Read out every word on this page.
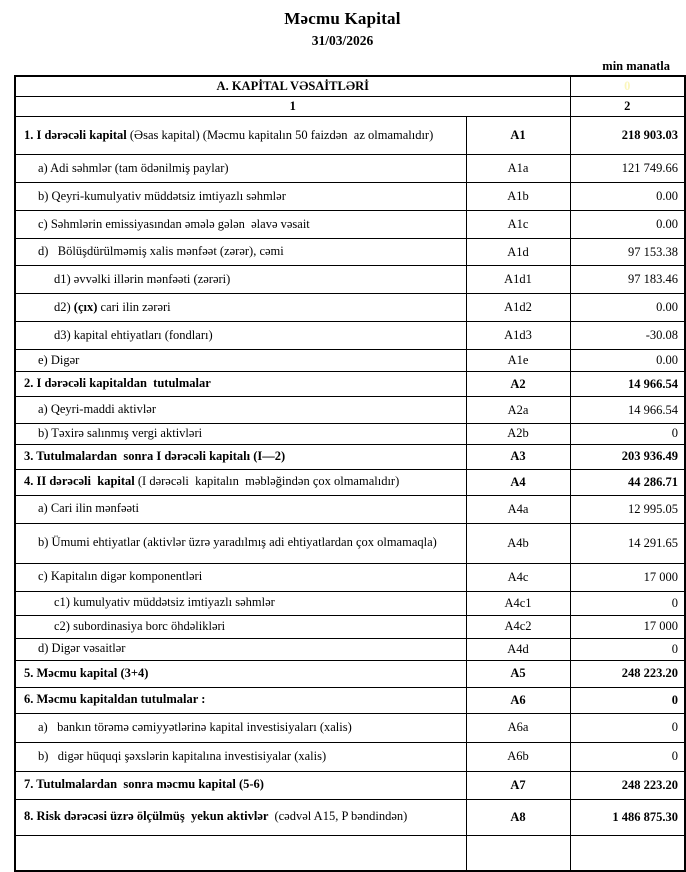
Məcmu Kapital
31/03/2026
min manatla
A. KAPİTAL VƏSAİTLƏRİ		0
1		2
1. I dərəcəli kapital (Əsas kapital) (Məcmu kapitalın 50 faizdən  az olmamalıdır)	A1	218 903.03
a) Adi səhmlər (tam ödənilmiş paylar)	A1a	121 749.66
b) Qeyri-kumulyativ müddətsiz imtiyazlı səhmlər	A1b	0.00
c) Səhmlərin emissiyasından əmələ gələn  əlavə vəsait	A1c	0.00
d)   Bölüşdürülməmiş xalis mənfəət (zərər), cəmi	A1d	97 153.38
d1) əvvəlki illərin mənfəəti (zərəri)	A1d1	97 183.46
d2) (çıx) cari ilin zərəri	A1d2	0.00
d3) kapital ehtiyatları (fondları)	A1d3	-30.08
e) Digər	A1e	0.00
2. I dərəcəli kapitaldan  tutulmalar	A2	14 966.54
a) Qeyri-maddi aktivlər	A2a	14 966.54
b) Təxirə salınmış vergi aktivləri	A2b	0
3. Tutulmalardan  sonra I dərəcəli kapitalı (I—2)	A3	203 936.49
4. II dərəcəli  kapital (I dərəcəli  kapitalın  məbləğindən çox olmamalıdır)	A4	44 286.71
a) Cari ilin mənfəəti	A4a	12 995.05
b) Ümumi ehtiyatlar (aktivlər üzrə yaradılmış adi ehtiyatlardan çox olmamaqla)	A4b	14 291.65
c) Kapitalın digər komponentləri	A4c	17 000
c1) kumulyativ müddətsiz imtiyazlı səhmlər	A4c1	0
c2) subordinasiya borc öhdəlikləri	A4c2	17 000
d) Digər vəsaitlər	A4d	0
5. Məcmu kapital (3+4)	A5	248 223.20
6. Məcmu kapitaldan tutulmalar :	A6	0
a)   bankın törəmə cəmiyyətlərinə kapital investisiyaları (xalis)	A6a	0
b)   digər hüquqi şəxslərin kapitalına investisiyalar (xalis)	A6b	0
7. Tutulmalardan  sonra məcmu kapital (5-6)	A7	248 223.20
8. Risk dərəcəsi üzrə ölçülmüş  yekun aktivlər  (cədvəl A15, P bəndindən)	A8	1 486 875.30
